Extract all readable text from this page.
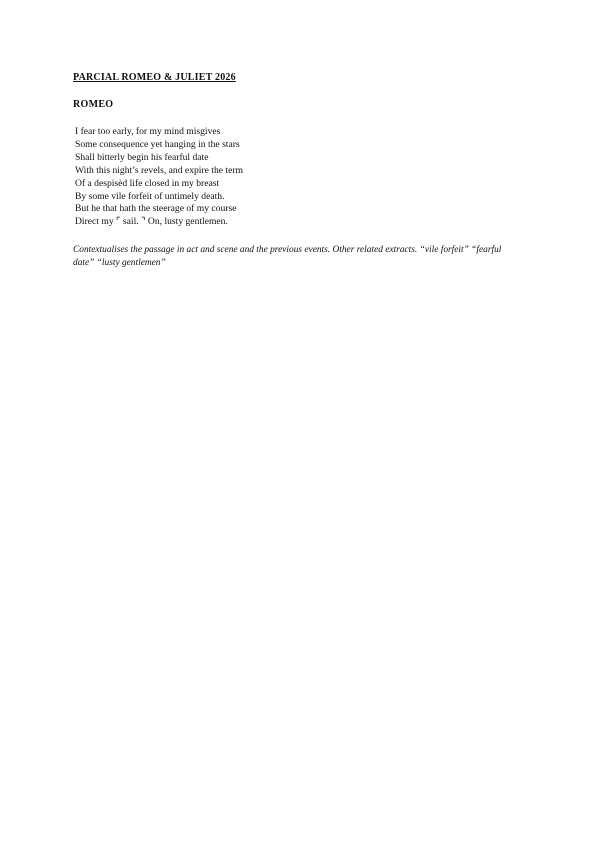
PARCIAL ROMEO & JULIET 2026
ROMEO
I fear too early, for my mind misgives
Some consequence yet hanging in the stars
Shall bitterly begin his fearful date
With this night’s revels, and expire the term
Of a despisèd life closed in my breast
By some vile forfeit of untimely death.
But he that hath the steerage of my course
Direct my ⌜ sail. ⌝ On, lusty gentlemen.
Contextualises the passage in act and scene and the previous events. Other related extracts. “vile forfeit” “fearful date” “lusty gentlemen”
